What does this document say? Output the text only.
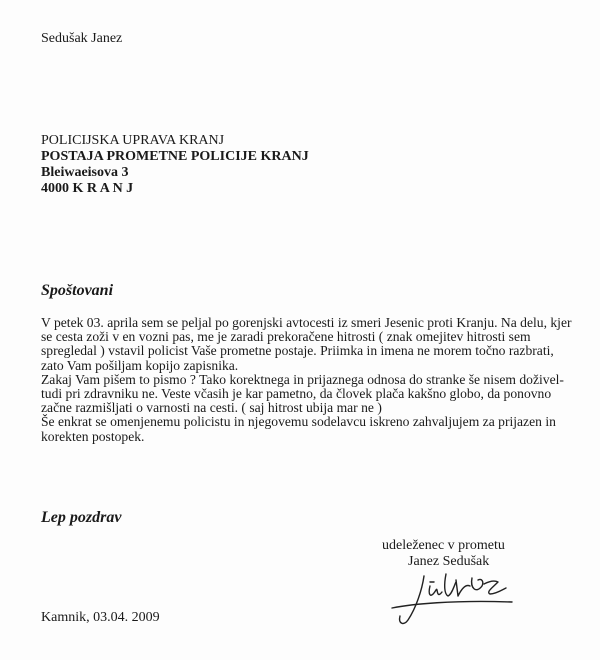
Sedušak Janez
POLICIJSKA UPRAVA KRANJ
POSTAJA PROMETNE POLICIJE KRANJ
Bleiwaeisova 3
4000 K R A N J
Spoštovani

V petek 03. aprila sem se peljal po gorenjski avtocesti iz smeri Jesenic proti Kranju. Na delu, kjer

se cesta zoži v en vozni pas, me je zaradi prekoračene hitrosti ( znak omejitev hitrosti sem

spregledal ) vstavil policist Vaše prometne postaje. Priimka in imena ne morem točno razbrati,

zato Vam pošiljam kopijo zapisnika.

Zakaj Vam pišem to pismo ? Tako korektnega in prijaznega odnosa do stranke še nisem doživel-

tudi pri zdravniku ne. Veste včasih je kar pametno, da človek plača kakšno globo, da ponovno

začne razmišljati o varnosti na cesti. ( saj hitrost ubija mar ne )

Še enkrat se omenjenemu policistu in njegovemu sodelavcu iskreno zahvaljujem za prijazen in

korekten postopek.

Lep pozdrav
udeleženec v prometu
Janez Sedušak
Kamnik, 03.04. 2009
